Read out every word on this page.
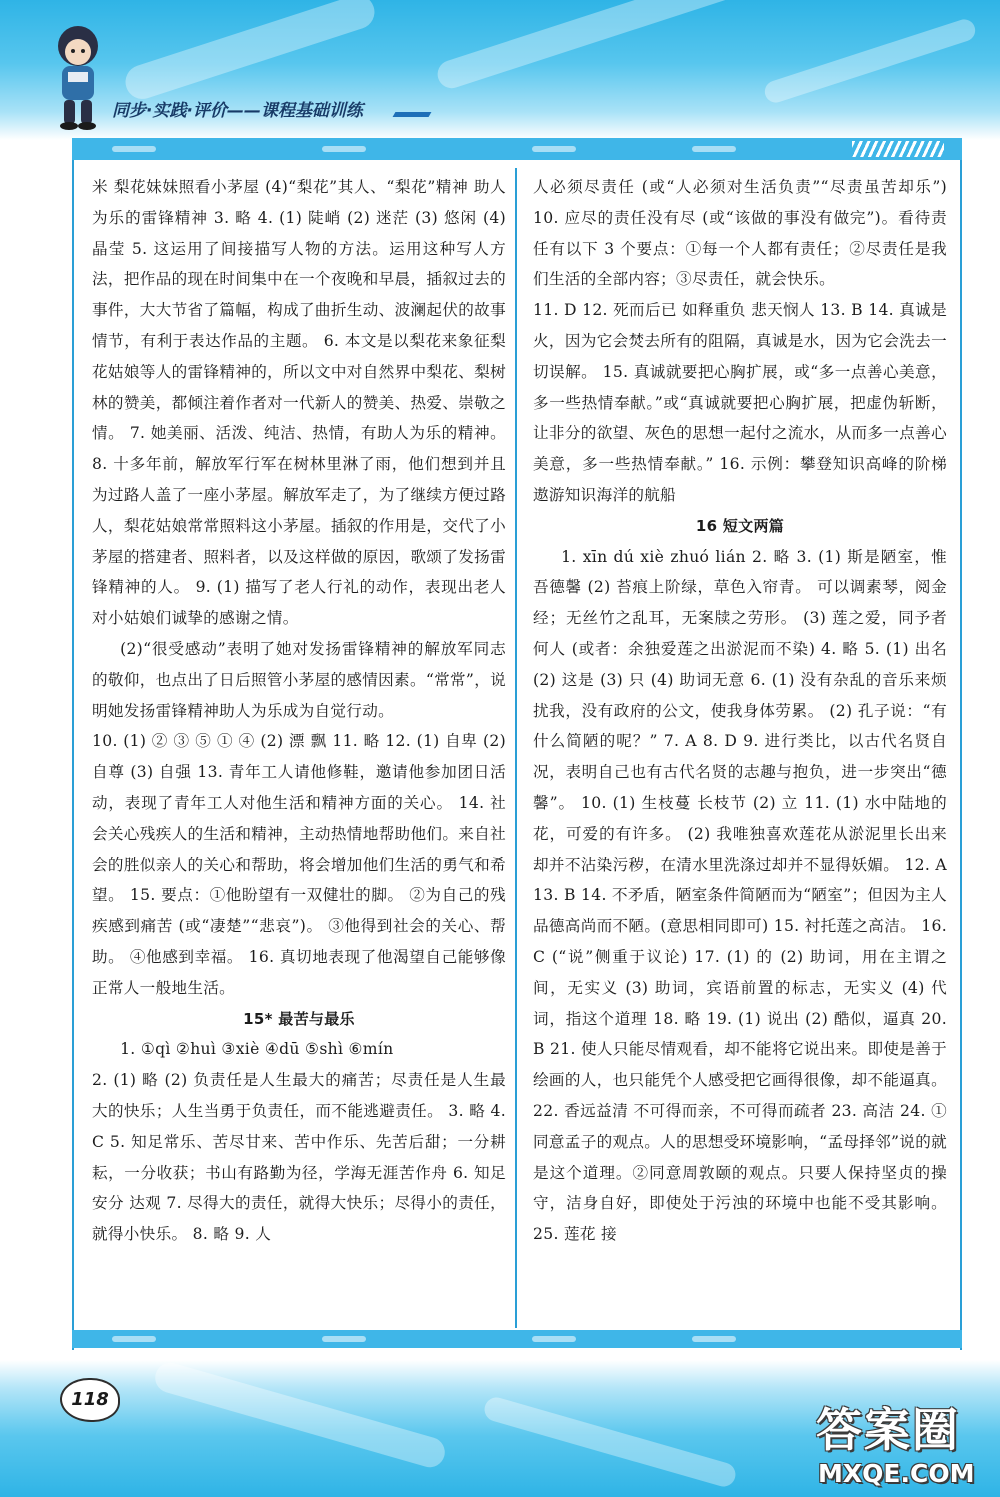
同步·实践·评价——课程基础训练

米 梨花妹妹照看小茅屋 (4)“梨花”其人、“梨花”精神 助人为乐的雷锋精神 3. 略 4. (1) 陡峭 (2) 迷茫 (3) 悠闲 (4) 晶莹 5. 这运用了间接描写人物的方法。运用这种写人方法，把作品的现在时间集中在一个夜晚和早晨，插叙过去的事件，大大节省了篇幅，构成了曲折生动、波澜起伏的故事情节，有利于表达作品的主题。 6. 本文是以梨花来象征梨花姑娘等人的雷锋精神的，所以文中对自然界中梨花、梨树林的赞美，都倾注着作者对一代新人的赞美、热爱、崇敬之情。 7. 她美丽、活泼、纯洁、热情，有助人为乐的精神。 8. 十多年前，解放军行军在树林里淋了雨，他们想到并且为过路人盖了一座小茅屋。解放军走了，为了继续方便过路人，梨花姑娘常常照料这小茅屋。插叙的作用是，交代了小茅屋的搭建者、照料者，以及这样做的原因，歌颂了发扬雷锋精神的人。 9. (1) 描写了老人行礼的动作，表现出老人对小姑娘们诚挚的感谢之情。

(2)“很受感动”表明了她对发扬雷锋精神的解放军同志的敬仰，也点出了日后照管小茅屋的感情因素。“常常”，说明她发扬雷锋精神助人为乐成为自觉行动。

10. (1) ② ③ ⑤ ① ④ (2) 漂 飘 11. 略 12. (1) 自卑 (2) 自尊 (3) 自强 13. 青年工人请他修鞋，邀请他参加团日活动，表现了青年工人对他生活和精神方面的关心。 14. 社会关心残疾人的生活和精神，主动热情地帮助他们。来自社会的胜似亲人的关心和帮助，将会增加他们生活的勇气和希望。 15. 要点：①他盼望有一双健壮的脚。 ②为自己的残疾感到痛苦 (或“凄楚”“悲哀”)。 ③他得到社会的关心、帮助。 ④他感到幸福。 16. 真切地表现了他渴望自己能够像正常人一般地生活。

15* 最苦与最乐

1. ①qì ②huì ③xiè ④dū ⑤shì ⑥mín

2. (1) 略 (2) 负责任是人生最大的痛苦；尽责任是人生最大的快乐；人生当勇于负责任，而不能逃避责任。 3. 略 4. C 5. 知足常乐、苦尽甘来、苦中作乐、先苦后甜；一分耕耘，一分收获；书山有路勤为径，学海无涯苦作舟 6. 知足 安分 达观 7. 尽得大的责任，就得大快乐；尽得小的责任，就得小快乐。 8. 略 9. 人

人必须尽责任 (或“人必须对生活负责”“尽责虽苦却乐”) 10. 应尽的责任没有尽 (或“该做的事没有做完”)。看待责任有以下 3 个要点：①每一个人都有责任；②尽责任是我们生活的全部内容；③尽责任，就会快乐。

11. D 12. 死而后已 如释重负 悲天悯人 13. B 14. 真诚是火，因为它会焚去所有的阻隔，真诚是水，因为它会洗去一切误解。 15. 真诚就要把心胸扩展，或“多一点善心美意，多一些热情奉献。”或“真诚就要把心胸扩展，把虚伪斩断，让非分的欲望、灰色的思想一起付之流水，从而多一点善心美意，多一些热情奉献。” 16. 示例：攀登知识高峰的阶梯 遨游知识海洋的航船

16 短文两篇

1. xīn dú xiè zhuó lián 2. 略 3. (1) 斯是陋室，惟吾德馨 (2) 苔痕上阶绿，草色入帘青。 可以调素琴，阅金经；无丝竹之乱耳，无案牍之劳形。 (3) 莲之爱，同予者何人 (或者：余独爱莲之出淤泥而不染) 4. 略 5. (1) 出名 (2) 这是 (3) 只 (4) 助词无意 6. (1) 没有杂乱的音乐来烦扰我，没有政府的公文，使我身体劳累。 (2) 孔子说：“有什么简陋的呢？” 7. A 8. D 9. 进行类比，以古代名贤自况，表明自己也有古代名贤的志趣与抱负，进一步突出“德馨”。 10. (1) 生枝蔓 长枝节 (2) 立 11. (1) 水中陆地的花，可爱的有许多。 (2) 我唯独喜欢莲花从淤泥里长出来却并不沾染污秽，在清水里洗涤过却并不显得妖媚。 12. A 13. B 14. 不矛盾，陋室条件简陋而为“陋室”；但因为主人品德高尚而不陋。(意思相同即可) 15. 衬托莲之高洁。 16. C (“说”侧重于议论) 17. (1) 的 (2) 助词，用在主谓之间，无实义 (3) 助词，宾语前置的标志，无实义 (4) 代词，指这个道理 18. 略 19. (1) 说出 (2) 酷似，逼真 20. B 21. 使人只能尽情观看，却不能将它说出来。即使是善于绘画的人，也只能凭个人感受把它画得很像，却不能逼真。 22. 香远益清 不可得而亲，不可得而疏者 23. 高洁 24. ①同意孟子的观点。人的思想受环境影响，“孟母择邻”说的就是这个道理。②同意周敦颐的观点。只要人保持坚贞的操守，洁身自好，即使处于污浊的环境中也能不受其影响。 25. 莲花 接

118
答案圈
MXQE.COM
